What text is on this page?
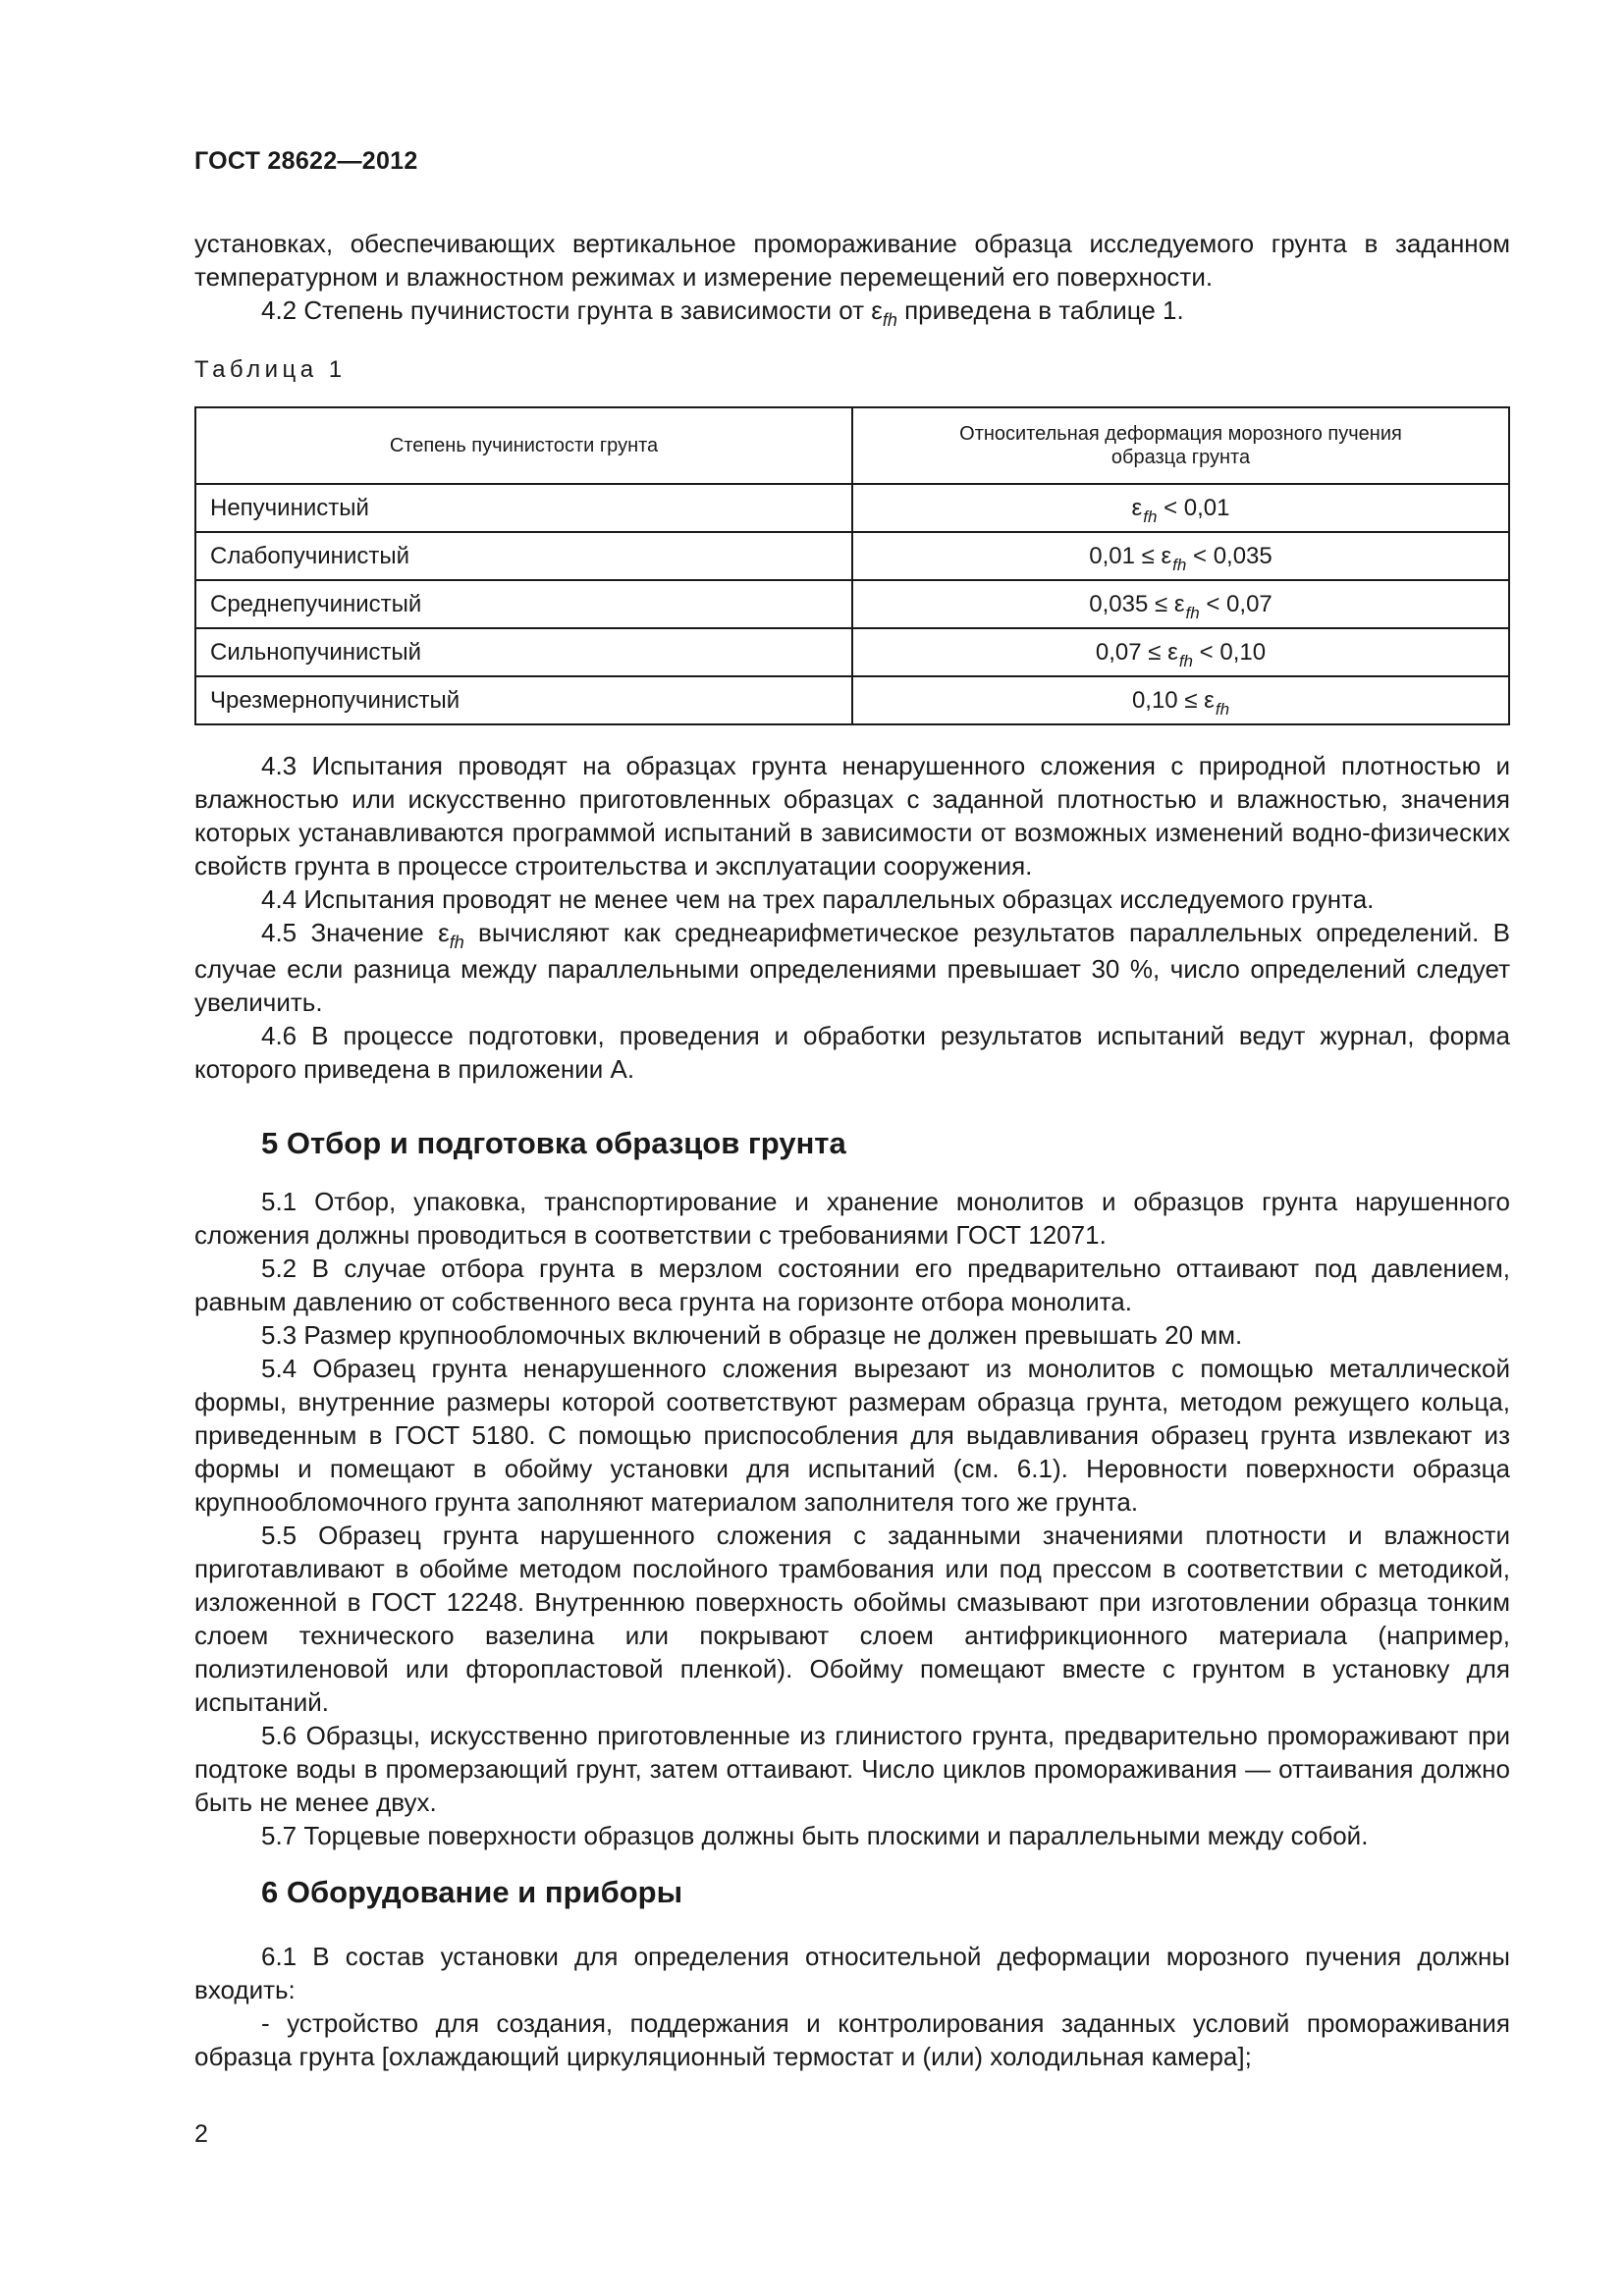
ГОСТ 28622—2012

установках, обеспечивающих вертикальное промораживание образца исследуемого грунта в заданном температурном и влажностном режимах и измерение перемещений его поверхности.

4.2 Степень пучинистости грунта в зависимости от $\varepsilon_{fh}$ приведена в таблице 1.

Таблица 1

Степень пучинистости грунта	Относительная деформация морозного пучения
образца грунта
Непучинистый	$\varepsilon_{fh} < 0,01$
Слабопучинистый	$0,01 \le \varepsilon_{fh} < 0,035$
Среднепучинистый	$0,035 \le \varepsilon_{fh} < 0,07$
Сильнопучинистый	$0,07 \le \varepsilon_{fh} < 0,10$
Чрезмернопучинистый	$0,10 \le \varepsilon_{fh}$

4.3 Испытания проводят на образцах грунта ненарушенного сложения с природной плотностью и влажностью или искусственно приготовленных образцах с заданной плотностью и влажностью, значения которых устанавливаются программой испытаний в зависимости от возможных изменений водно-физических свойств грунта в процессе строительства и эксплуатации сооружения.

4.4 Испытания проводят не менее чем на трех параллельных образцах исследуемого грунта.

4.5 Значение $\varepsilon_{fh}$ вычисляют как среднеарифметическое результатов параллельных определений. В случае если разница между параллельными определениями превышает 30 %, число определений следует увеличить.

4.6 В процессе подготовки, проведения и обработки результатов испытаний ведут журнал, форма которого приведена в приложении А.

5 Отбор и подготовка образцов грунта

5.1 Отбор, упаковка, транспортирование и хранение монолитов и образцов грунта нарушенного сложения должны проводиться в соответствии с требованиями ГОСТ 12071.

5.2 В случае отбора грунта в мерзлом состоянии его предварительно оттаивают под давлением, равным давлению от собственного веса грунта на горизонте отбора монолита.

5.3 Размер крупнообломочных включений в образце не должен превышать 20 мм.

5.4 Образец грунта ненарушенного сложения вырезают из монолитов с помощью металлической формы, внутренние размеры которой соответствуют размерам образца грунта, методом режущего кольца, приведенным в ГОСТ 5180. С помощью приспособления для выдавливания образец грунта извлекают из формы и помещают в обойму установки для испытаний (см. 6.1). Неровности поверхности образца крупнообломочного грунта заполняют материалом заполнителя того же грунта.

5.5 Образец грунта нарушенного сложения с заданными значениями плотности и влажности приготавливают в обойме методом послойного трамбования или под прессом в соответствии с методикой, изложенной в ГОСТ 12248. Внутреннюю поверхность обоймы смазывают при изготовлении образца тонким слоем технического вазелина или покрывают слоем антифрикционного материала (например, полиэтиленовой или фторопластовой пленкой). Обойму помещают вместе с грунтом в установку для испытаний.

5.6 Образцы, искусственно приготовленные из глинистого грунта, предварительно промораживают при подтоке воды в промерзающий грунт, затем оттаивают. Число циклов промораживания — оттаивания должно быть не менее двух.

5.7 Торцевые поверхности образцов должны быть плоскими и параллельными между собой.

6 Оборудование и приборы

6.1 В состав установки для определения относительной деформации морозного пучения должны входить:

- устройство для создания, поддержания и контролирования заданных условий промораживания образца грунта [охлаждающий циркуляционный термостат и (или) холодильная камера];

2
